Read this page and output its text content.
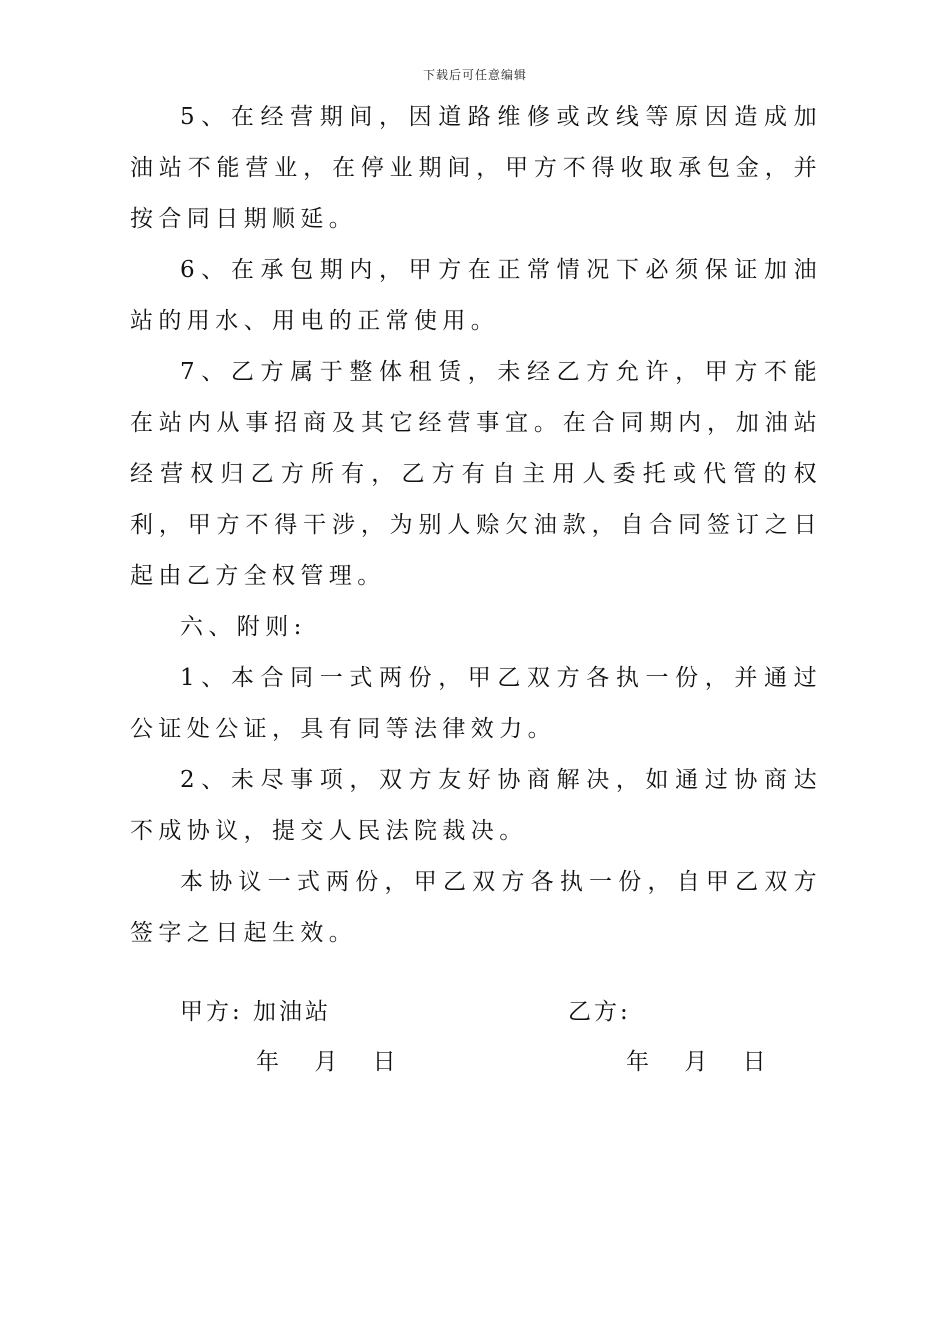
下载后可任意编辑

5、在经营期间，因道路维修或改线等原因造成加油站不能营业，在停业期间，甲方不得收取承包金，并按合同日期顺延。

6、在承包期内，甲方在正常情况下必须保证加油站的用水、用电的正常使用。

7、乙方属于整体租赁，未经乙方允许，甲方不能在站内从事招商及其它经营事宜。在合同期内，加油站经营权归乙方所有，乙方有自主用人委托或代管的权利，甲方不得干涉，为别人赊欠油款，自合同签订之日起由乙方全权管理。

六、附则:

1、本合同一式两份，甲乙双方各执一份，并通过公证处公证，具有同等法律效力。

2、未尽事项，双方友好协商解决，如通过协商达不成协议，提交人民法院裁决。

本协议一式两份，甲乙双方各执一份，自甲乙双方签字之日起生效。

甲方: 加油站	乙方:
年 月 日	年 月 日
